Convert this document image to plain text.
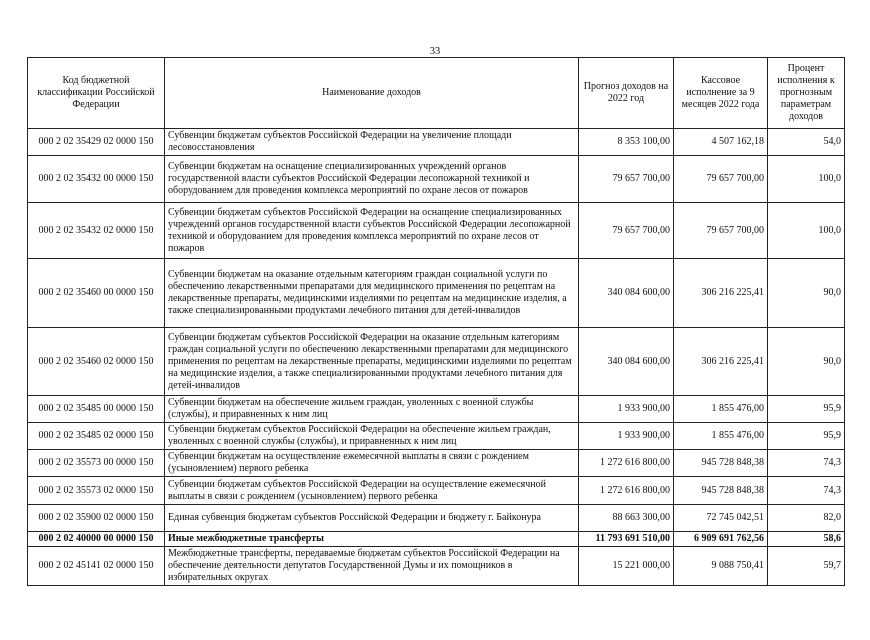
33
Код бюджетной классификации Российской Федерации	Наименование доходов	Прогноз доходов на 2022 год	Кассовое исполнение за 9 месяцев 2022 года	Процент исполнения к прогнозным параметрам доходов
000 2 02 35429 02 0000 150	Субвенции бюджетам субъектов Российской Федерации на увеличение площади лесовосстановления	8 353 100,00	4 507 162,18	54,0
000 2 02 35432 00 0000 150	Субвенции бюджетам на оснащение специализированных учреждений органов государственной власти субъектов Российской Федерации лесопожарной техникой и оборудованием для проведения комплекса мероприятий по охране лесов от пожаров	79 657 700,00	79 657 700,00	100,0
000 2 02 35432 02 0000 150	Субвенции бюджетам субъектов Российской Федерации на оснащение специализированных учреждений органов государственной власти субъектов Российской Федерации лесопожарной техникой и оборудованием для проведения комплекса мероприятий по охране лесов от пожаров	79 657 700,00	79 657 700,00	100,0
000 2 02 35460 00 0000 150	Субвенции бюджетам на оказание отдельным категориям граждан социальной услуги по обеспечению лекарственными препаратами для медицинского применения по рецептам на лекарственные препараты, медицинскими изделиями по рецептам на медицинские изделия, а также специализированными продуктами лечебного питания для детей-инвалидов	340 084 600,00	306 216 225,41	90,0
000 2 02 35460 02 0000 150	Субвенции бюджетам субъектов Российской Федерации на оказание отдельным категориям граждан социальной услуги по обеспечению лекарственными препаратами для медицинского применения по рецептам на лекарственные препараты, медицинскими изделиями по рецептам на медицинские изделия, а также специализированными продуктами лечебного питания для детей-инвалидов	340 084 600,00	306 216 225,41	90,0
000 2 02 35485 00 0000 150	Субвенции бюджетам на обеспечение жильем граждан, уволенных с военной службы (службы), и приравненных к ним лиц	1 933 900,00	1 855 476,00	95,9
000 2 02 35485 02 0000 150	Субвенции бюджетам субъектов Российской Федерации на обеспечение жильем граждан, уволенных с военной службы (службы), и приравненных к ним лиц	1 933 900,00	1 855 476,00	95,9
000 2 02 35573 00 0000 150	Субвенции бюджетам на осуществление ежемесячной выплаты в связи с рождением (усыновлением) первого ребенка	1 272 616 800,00	945 728 848,38	74,3
000 2 02 35573 02 0000 150	Субвенции бюджетам субъектов Российской Федерации на осуществление ежемесячной выплаты в связи с рождением (усыновлением) первого ребенка	1 272 616 800,00	945 728 848,38	74,3
000 2 02 35900 02 0000 150	Единая субвенция бюджетам субъектов Российской Федерации и бюджету г. Байконура	88 663 300,00	72 745 042,51	82,0
000 2 02 40000 00 0000 150	Иные межбюджетные трансферты	11 793 691 510,00	6 909 691 762,56	58,6
000 2 02 45141 02 0000 150	Межбюджетные трансферты, передаваемые бюджетам субъектов Российской Федерации на обеспечение деятельности депутатов Государственной Думы и их помощников в избирательных округах	15 221 000,00	9 088 750,41	59,7
